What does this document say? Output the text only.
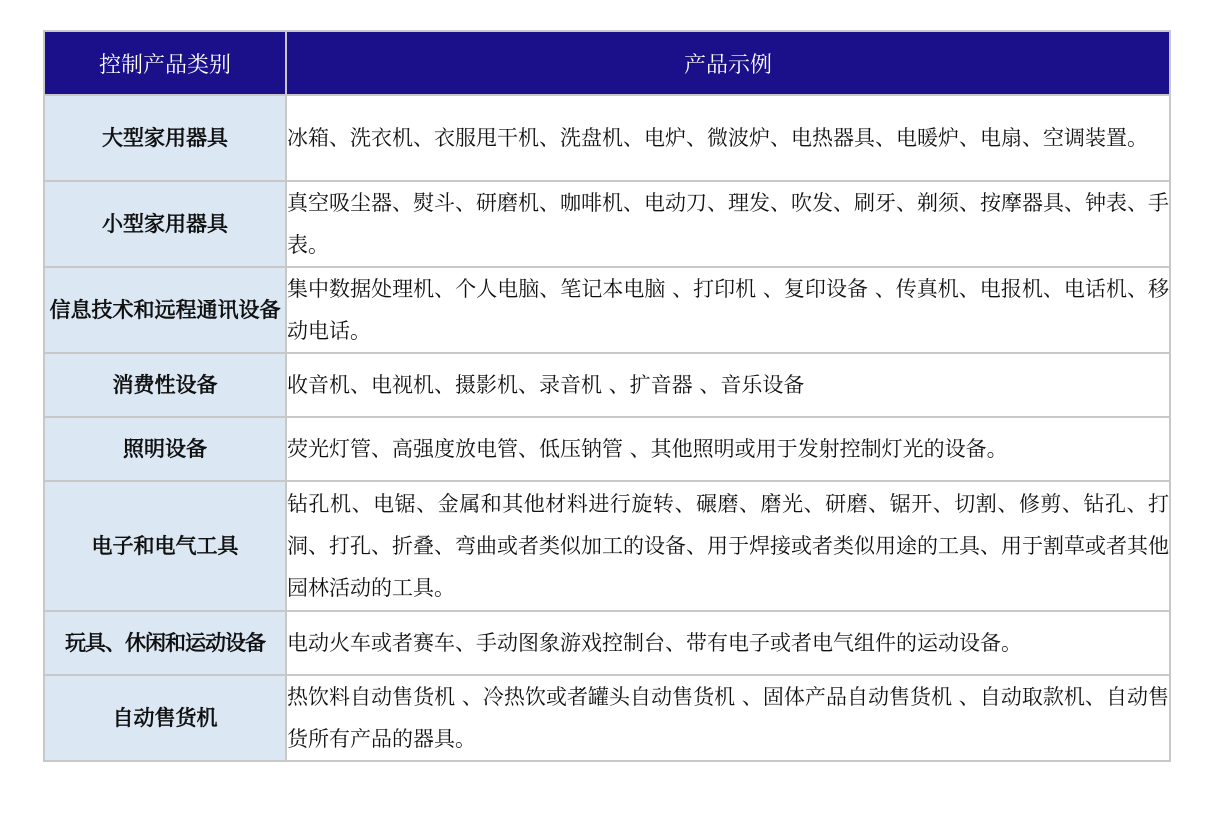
控制产品类别	产品示例
大型家用器具	冰箱、洗衣机、衣服甩干机、洗盘机、电炉、微波炉、电热器具、电暖炉、电扇、空调装置。
小型家用器具	真空吸尘器、熨斗、研磨机、咖啡机、电动刀、理发、吹发、刷牙、剃须、按摩器具、钟表、手表。
信息技术和远程通讯设备	集中数据处理机、个人电脑、笔记本电脑 、打印机 、复印设备 、传真机、电报机、电话机、移动电话。
消费性设备	收音机、电视机、摄影机、录音机 、扩音器 、音乐设备
照明设备	荧光灯管、高强度放电管、低压钠管 、其他照明或用于发射控制灯光的设备。
电子和电气工具	钻孔机、电锯、金属和其他材料进行旋转、碾磨、磨光、研磨、锯开、切割、修剪、钻孔、打洞、打孔、折叠、弯曲或者类似加工的设备、用于焊接或者类似用途的工具、用于割草或者其他园林活动的工具。
玩具、休闲和运动设备	电动火车或者赛车、手动图象游戏控制台、带有电子或者电气组件的运动设备。
自动售货机	热饮料自动售货机 、冷热饮或者罐头自动售货机 、固体产品自动售货机 、自动取款机、自动售货所有产品的器具。
